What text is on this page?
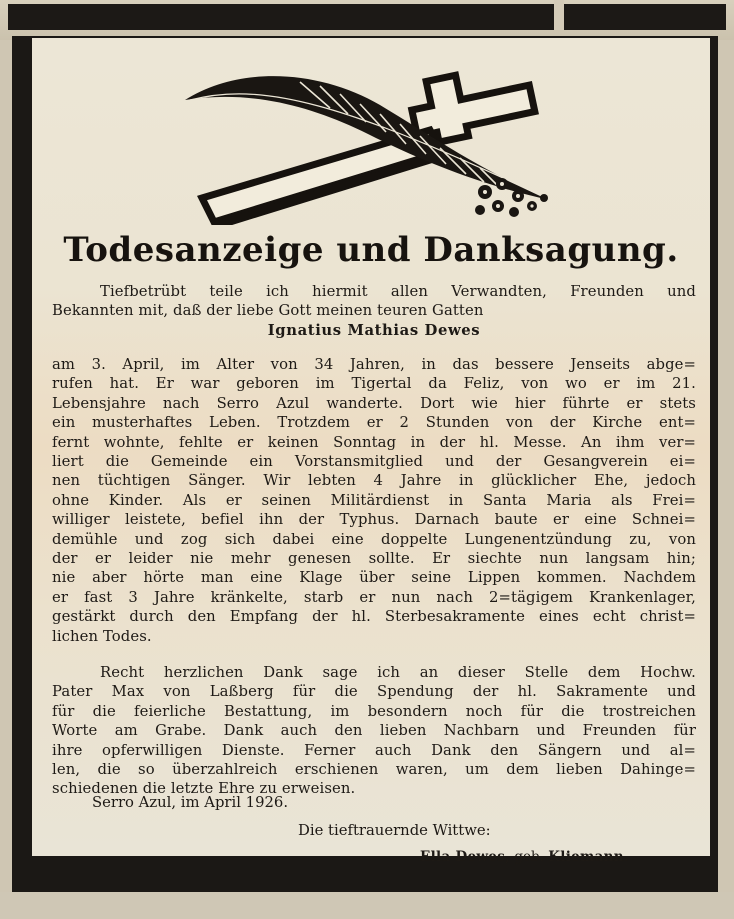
Todesanzeige und Danksagung.
Tiefbetrübt teile ich hiermit allen Verwandten, Freunden und
Bekannten mit, daß der liebe Gott meinen teuren Gatten
Ignatius Mathias Dewes
am 3. April, im Alter von 34 Jahren, in das bessere Jenseits abge=
rufen hat. Er war geboren im Tigertal da Feliz, von wo er im 21.
Lebensjahre nach Serro Azul wanderte. Dort wie hier führte er stets
ein musterhaftes Leben. Trotzdem er 2 Stunden von der Kirche ent=
fernt wohnte, fehlte er keinen Sonntag in der hl. Messe. An ihm ver=
liert die Gemeinde ein Vorstansmitglied und der Gesangverein ei=
nen tüchtigen Sänger. Wir lebten 4 Jahre in glücklicher Ehe, jedoch
ohne Kinder. Als er seinen Militärdienst in Santa Maria als Frei=
williger leistete, befiel ihn der Typhus. Darnach baute er eine Schnei=
demühle und zog sich dabei eine doppelte Lungenentzündung zu, von
der er leider nie mehr genesen sollte. Er siechte nun langsam hin;
nie aber hörte man eine Klage über seine Lippen kommen. Nachdem
er fast 3 Jahre kränkelte, starb er nun nach 2=tägigem Krankenlager,
gestärkt durch den Empfang der hl. Sterbesakramente eines echt christ=
lichen Todes.
Recht herzlichen Dank sage ich an dieser Stelle dem Hochw.
Pater Max von Laßberg für die Spendung der hl. Sakramente und
für die feierliche Bestattung, im besondern noch für die trostreichen
Worte am Grabe. Dank auch den lieben Nachbarn und Freunden für
ihre opferwilligen Dienste. Ferner auch Dank den Sängern und al=
len, die so überzahlreich erschienen waren, um dem lieben Dahinge=
schiedenen die letzte Ehre zu erweisen.
Serro Azul, im April 1926.
Die tieftrauernde Wittwe:
Ella Dewes, geb. Kliemann.
